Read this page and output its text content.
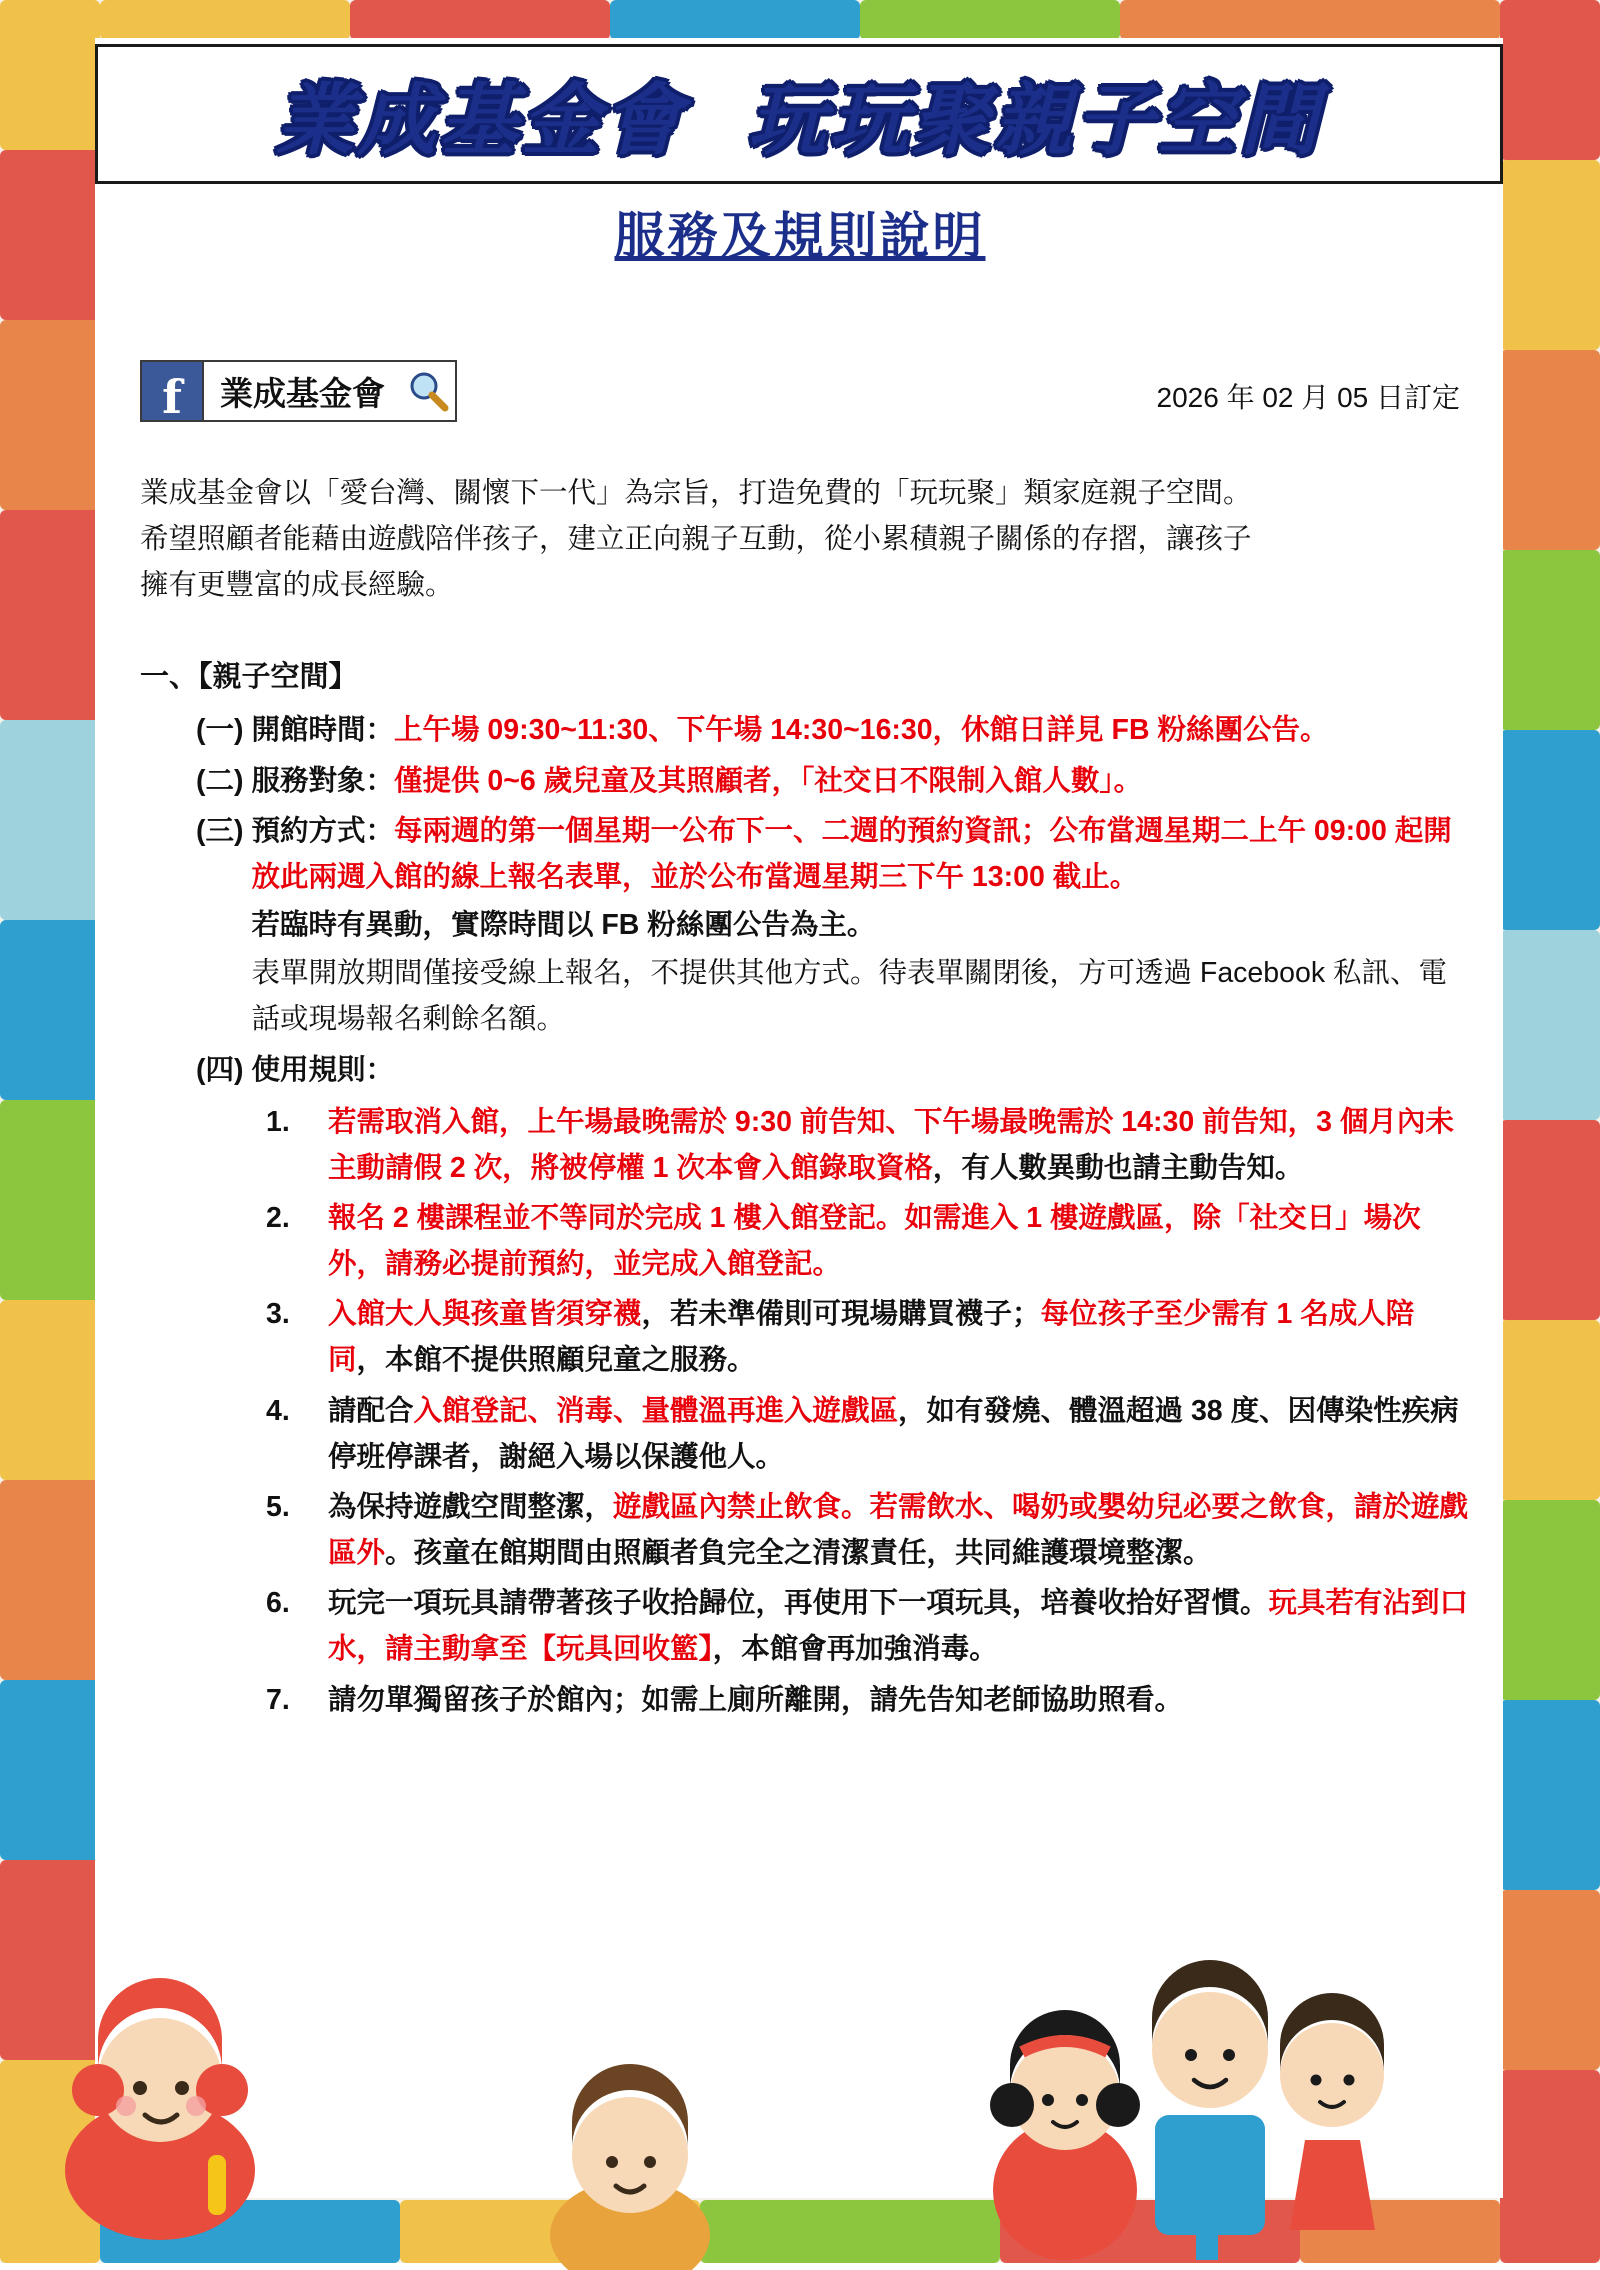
業成基金會 玩玩聚親子空間
服務及規則說明
f	業成基金會	2026 年 02 月 05 日訂定

業成基金會以「愛台灣、關懷下一代」為宗旨，打造免費的「玩玩聚」類家庭親子空間。

希望照顧者能藉由遊戲陪伴孩子，建立正向親子互動，從小累積親子關係的存摺，讓孩子

擁有更豐富的成長經驗。

一、【親子空間】
(一) 開館時間：上午場 09:30~11:30、下午場 14:30~16:30，休館日詳見 FB 粉絲團公告。
(二) 服務對象：僅提供 0~6 歲兒童及其照顧者，「社交日不限制入館人數」。
(三) 預約方式：每兩週的第一個星期一公布下一、二週的預約資訊；公布當週星期二上午 09:00 起開放此兩週入館的線上報名表單，並於公布當週星期三下午 13:00 截止。
若臨時有異動，實際時間以 FB 粉絲團公告為主。
表單開放期間僅接受線上報名，不提供其他方式。待表單關閉後，方可透過 Facebook 私訊、電話或現場報名剩餘名額。
(四) 使用規則：
1.	若需取消入館，上午場最晚需於 9:30 前告知、下午場最晚需於 14:30 前告知，3 個月內未主動請假 2 次，將被停權 1 次本會入館錄取資格，有人數異動也請主動告知。
2.	報名 2 樓課程並不等同於完成 1 樓入館登記。如需進入 1 樓遊戲區，除「社交日」場次外，請務必提前預約，並完成入館登記。
3.	入館大人與孩童皆須穿襪，若未準備則可現場購買襪子；每位孩子至少需有 1 名成人陪同，本館不提供照顧兒童之服務。
4.	請配合入館登記、消毒、量體溫再進入遊戲區，如有發燒、體溫超過 38 度、因傳染性疾病停班停課者，謝絕入場以保護他人。
5.	為保持遊戲空間整潔，遊戲區內禁止飲食。若需飲水、喝奶或嬰幼兒必要之飲食，請於遊戲區外。孩童在館期間由照顧者負完全之清潔責任，共同維護環境整潔。
6.	玩完一項玩具請帶著孩子收拾歸位，再使用下一項玩具，培養收拾好習慣。玩具若有沾到口水，請主動拿至【玩具回收籃】，本館會再加強消毒。
7.	請勿單獨留孩子於館內；如需上廁所離開，請先告知老師協助照看。
